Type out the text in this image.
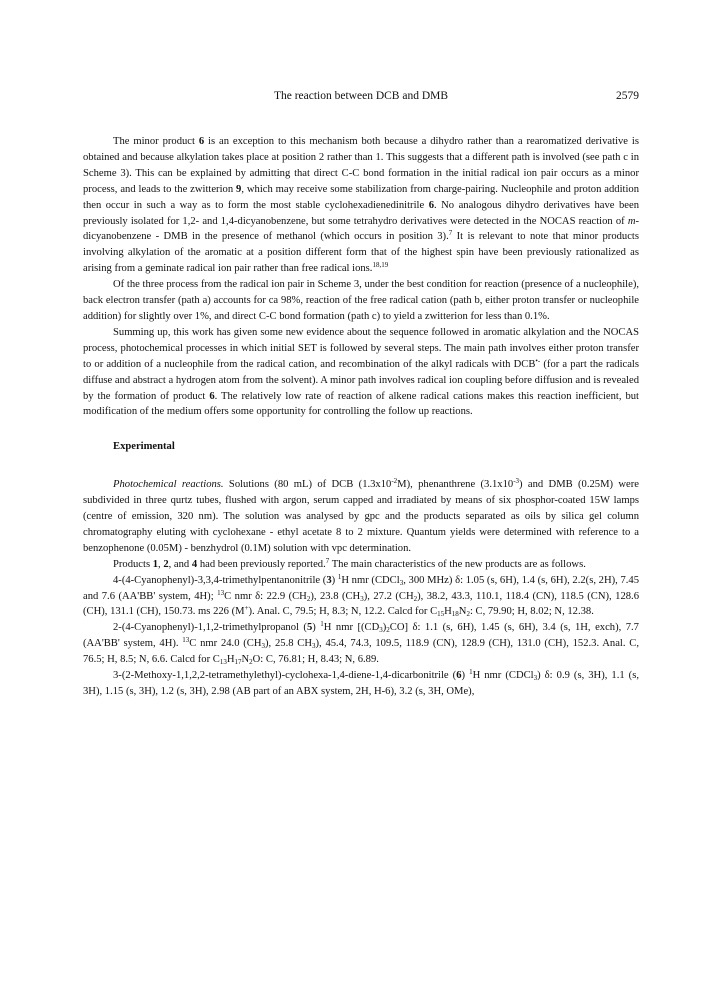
The reaction between DCB and DMB	2579

The minor product 6 is an exception to this mechanism both because a dihydro rather than a rearomatized derivative is obtained and because alkylation takes place at position 2 rather than 1. This suggests that a different path is involved (see path c in Scheme 3). This can be explained by admitting that direct C-C bond formation in the initial radical ion pair occurs as a minor process, and leads to the zwitterion 9, which may receive some stabilization from charge-pairing. Nucleophile and proton addition then occur in such a way as to form the most stable cyclohexadienedinitrile 6. No analogous dihydro derivatives have been previously isolated for 1,2- and 1,4-dicyanobenzene, but some tetrahydro derivatives were detected in the NOCAS reaction of m-dicyanobenzene - DMB in the presence of methanol (which occurs in position 3).$^7$ It is relevant to note that minor products involving alkylation of the aromatic at a position different form that of the highest spin have been previously rationalized as arising from a geminate radical ion pair rather than free radical ions.$^{18,19}$

Of the three process from the radical ion pair in Scheme 3, under the best condition for reaction (presence of a nucleophile), back electron transfer (path a) accounts for ca 98%, reaction of the free radical cation (path b, either proton transfer or nucleophile addition) for slightly over 1%, and direct C-C bond formation (path c) to yield a zwitterion for less than 0.1%.

Summing up, this work has given some new evidence about the sequence followed in aromatic alkylation and the NOCAS process, photochemical processes in which initial SET is followed by several steps. The main path involves either proton transfer to or addition of a nucleophile from the radical cation, and recombination of the alkyl radicals with DCB•- (for a part the radicals diffuse and abstract a hydrogen atom from the solvent). A minor path involves radical ion coupling before diffusion and is revealed by the formation of product 6. The relatively low rate of reaction of alkene radical cations makes this reaction inefficient, but modification of the medium offers some opportunity for controlling the follow up reactions.

Experimental

Photochemical reactions. Solutions (80 mL) of DCB $(1.3x10^{-2}M)$, phenanthrene $(3.1x10^{-3})$ and DMB (0.25M) were subdivided in three qurtz tubes, flushed with argon, serum capped and irradiated by means of six phosphor-coated 15W lamps (centre of emission, 320 nm). The solution was analysed by gpc and the products separated as oils by silica gel column chromatography eluting with cyclohexane - ethyl acetate 8 to 2 mixture. Quantum yields were determined with reference to a benzophenone (0.05M) - benzhydrol (0.1M) solution with vpc determination.

Products 1, 2, and 4 had been previously reported.$^7$ The main characteristics of the new products are as follows.

4-(4-Cyanophenyl)-3,3,4-trimethylpentanonitrile (3) $^1$H nmr (CDCl$_3$, 300 MHz) δ: 1.05 (s, 6H), 1.4 (s, 6H), 2.2(s, 2H), 7.45 and 7.6 (AA'BB' system, 4H); $^{13}$C nmr δ: 22.9 $(CH_2)$, 23.8 $(CH_3)$, 27.2 $(CH_2)$, 38.2, 43.3, 110.1, 118.4 (CN), 118.5 (CN), 128.6 (CH), 131.1 (CH), 150.73. ms 226 (M+). Anal. C, 79.5; H, 8.3; N, 12.2. Calcd for $C_{15}H_{18}N_2$: C, 79.90; H, 8.02; N, 12.38.

2-(4-Cyanophenyl)-1,1,2-trimethylpropanol (5) $^1$H nmr $[(CD_3)_2CO]$ δ: 1.1 (s, 6H), 1.45 (s, 6H), 3.4 (s, 1H, exch), 7.7 (AA'BB' system, 4H). $^{13}$C nmr 24.0 $(CH_3)$, 25.8 $CH_3$), 45.4, 74.3, 109.5, 118.9 (CN), 128.9 (CH), 131.0 (CH), 152.3. Anal. C, 76.5; H, 8.5; N, 6.6. Calcd for $C_{13}H_{17}N_2O$: C, 76.81; H, 8.43; N, 6.89.

3-(2-Methoxy-1,1,2,2-tetramethylethyl)-cyclohexa-1,4-diene-1,4-dicarbonitrile (6) $^1$H nmr (CDCl$_3$) δ: 0.9 (s, 3H), 1.1 (s, 3H), 1.15 (s, 3H), 1.2 (s, 3H), 2.98 (AB part of an ABX system, 2H, H-6), 3.2 (s, 3H, OMe),
